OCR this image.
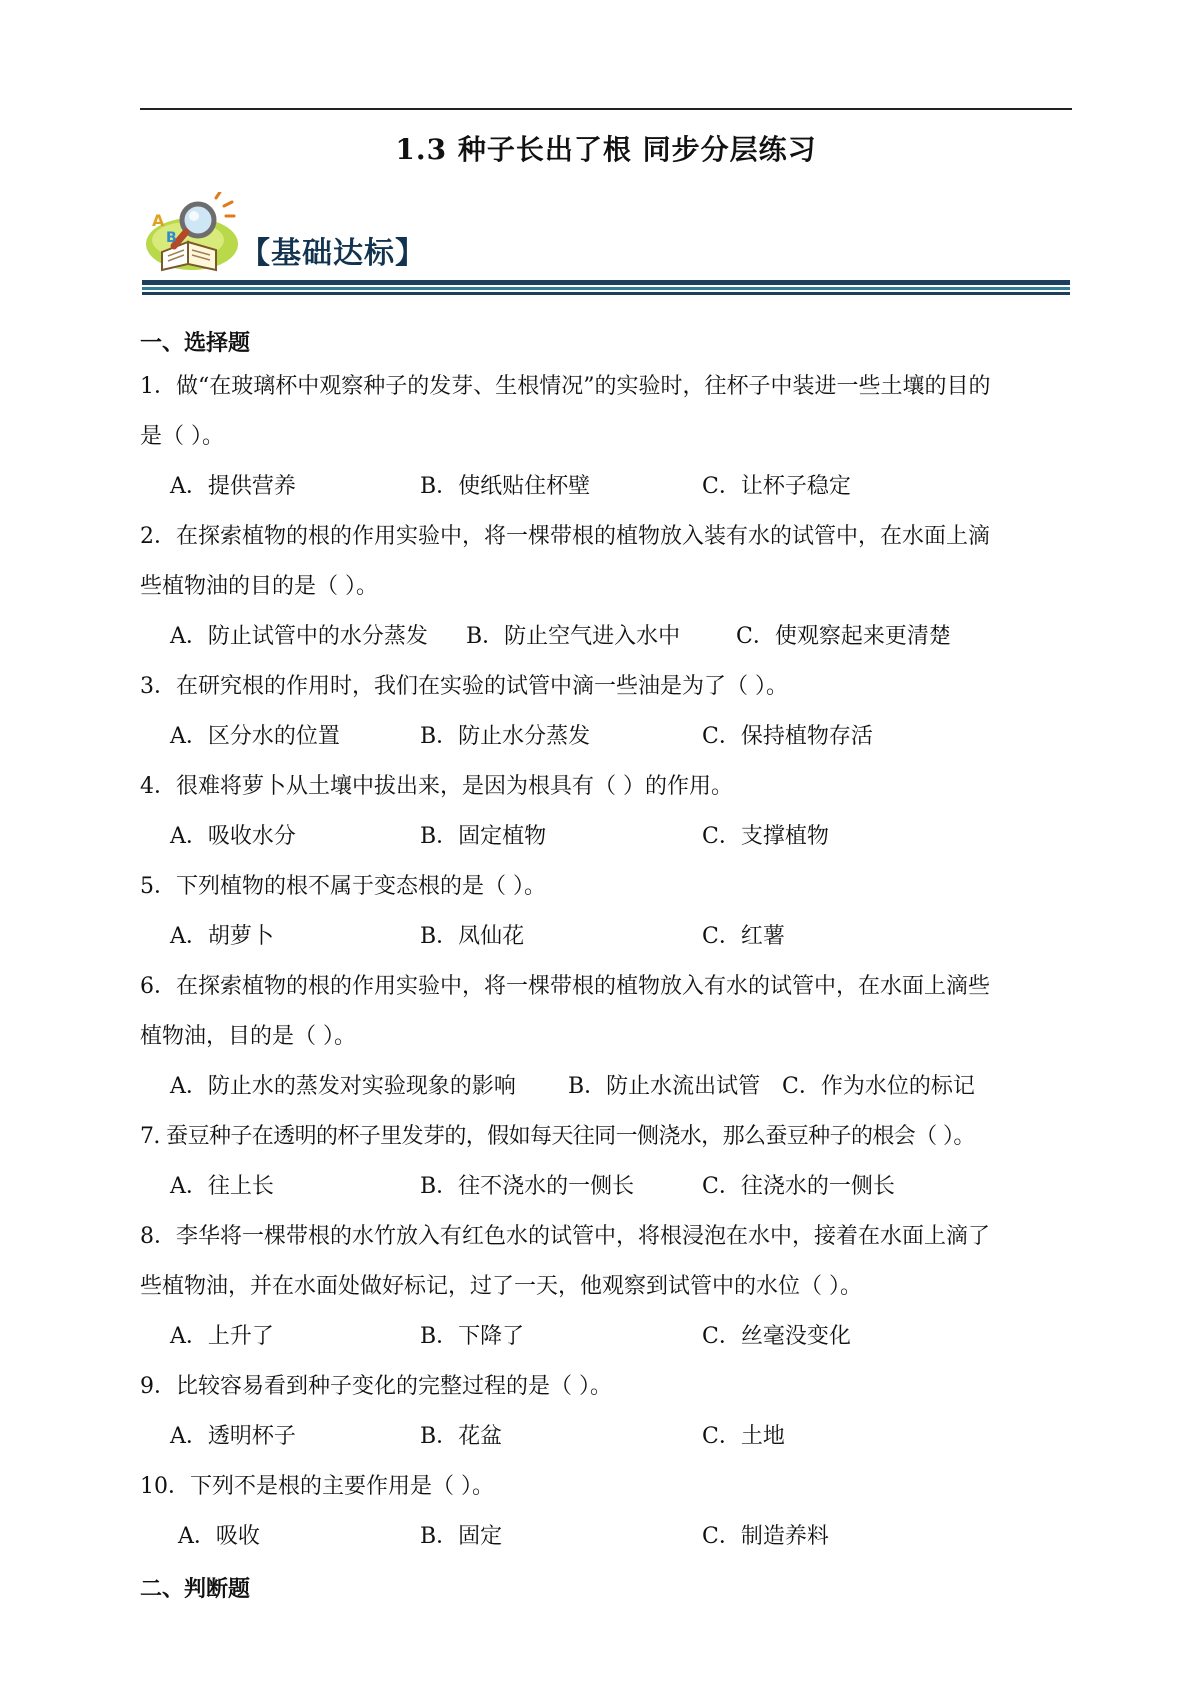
1.3 种子长出了根 同步分层练习
A
B 【基础达标】
一、选择题
1．做“在玻璃杯中观察种子的发芽、生根情况”的实验时，往杯子中装进一些土壤的目的
是（ ）。
A．提供营养	B．使纸贴住杯壁	C．让杯子稳定
2．在探索植物的根的作用实验中，将一棵带根的植物放入装有水的试管中，在水面上滴
些植物油的目的是（ ）。
A．防止试管中的水分蒸发 B．防止空气进入水中	C．使观察起来更清楚
3．在研究根的作用时，我们在实验的试管中滴一些油是为了（ ）。
A．区分水的位置	B．防止水分蒸发	C．保持植物存活
4．很难将萝卜从土壤中拔出来，是因为根具有（ ）的作用。
A．吸收水分	B．固定植物	C．支撑植物
5．下列植物的根不属于变态根的是（ ）。
A．胡萝卜	B．凤仙花	C．红薯
6．在探索植物的根的作用实验中，将一棵带根的植物放入有水的试管中，在水面上滴些
植物油，目的是（ ）。
A．防止水的蒸发对实验现象的影响 B．防止水流出试管 C．作为水位的标记
7. 蚕豆种子在透明的杯子里发芽的，假如每天往同一侧浇水，那么蚕豆种子的根会（ ）。
A．往上长	B．往不浇水的一侧长	C．往浇水的一侧长
8．李华将一棵带根的水竹放入有红色水的试管中，将根浸泡在水中，接着在水面上滴了
些植物油，并在水面处做好标记，过了一天，他观察到试管中的水位（ ）。
A．上升了	B．下降了	C．丝毫没变化
9．比较容易看到种子变化的完整过程的是（ ）。
A．透明杯子	B．花盆	C．土地
10．下列不是根的主要作用是（ ）。
A．吸收	B．固定	C．制造养料
二、判断题
